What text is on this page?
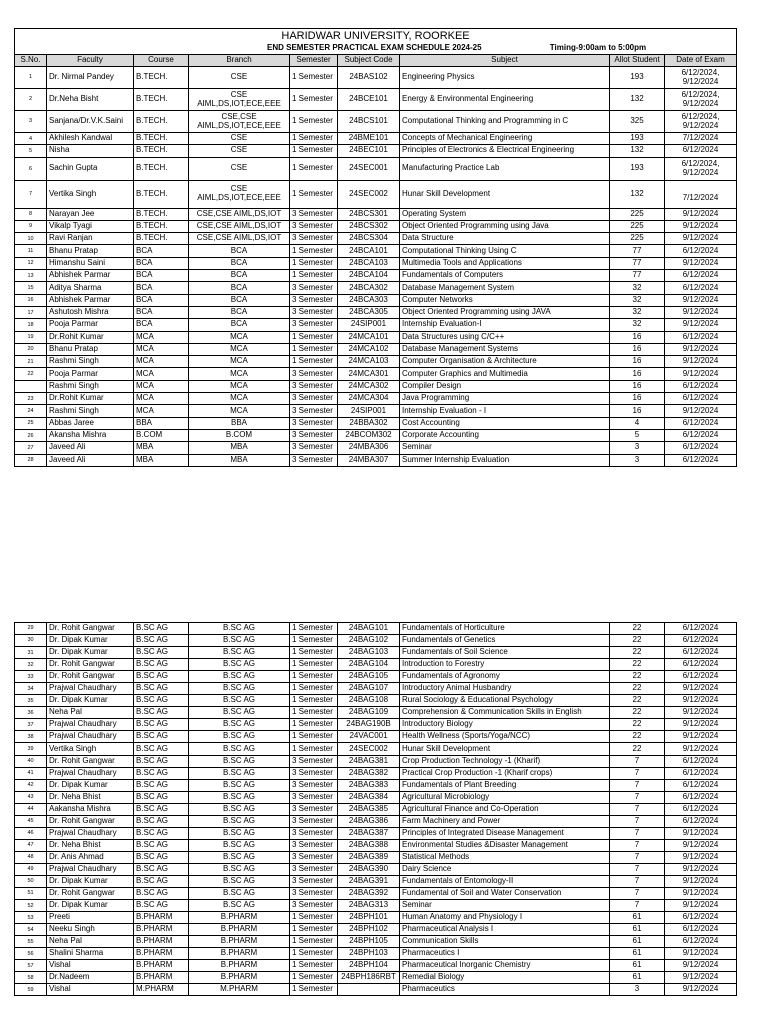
HARIDWAR UNIVERSITY, ROORKEE								
END SEMESTER PRACTICAL EXAM SCHEDULE 2024-25 Timing-9:00am to 5:00pm								
S.No.	Faculty	Course	Branch	Semester	Subject Code	Subject	Allot Student	Date of Exam
1	Dr. Nirmal Pandey	B.TECH.	CSE	1 Semester	24BAS102	Engineering Physics	193	6/12/2024,
9/12/2024
2	Dr.Neha Bisht	B.TECH.	CSE
AIML,DS,IOT,ECE,EEE	1 Semester	24BCE101	Energy & Environmental Engineering	132	6/12/2024,
9/12/2024
3	Sanjana/Dr.V.K.Saini	B.TECH.	CSE,CSE
AIML,DS,IOT,ECE,EEE	1 Semester	24BCS101	Computational Thinking and Programming in C	325	6/12/2024,
9/12/2024
4	Akhilesh Kandwal	B.TECH.	CSE	1 Semester	24BME101	Concepts of Mechanical Engineering	193	7/12/2024
5	Nisha	B.TECH.	CSE	1 Semester	24BEC101	Principles of Electronics & Electrical Engineering	132	6/12/2024
6	Sachin Gupta	B.TECH.	CSE	1 Semester	24SEC001	Manufacturing Practice Lab	193	6/12/2024,
9/12/2024
7	Vertika Singh	B.TECH.	CSE
AIML,DS,IOT,ECE,EEE	1 Semester	24SEC002	Hunar Skill Development	132	7/12/2024
8	Narayan Jee	B.TECH.	CSE,CSE AIML,DS,IOT	3 Semester	24BCS301	Operating System	225	9/12/2024
9	Vikalp Tyagi	B.TECH.	CSE,CSE AIML,DS,IOT	3 Semester	24BCS302	Object Oriented Programming using Java	225	9/12/2024
10	Ravi Ranjan	B.TECH.	CSE,CSE AIML,DS,IOT	3 Semester	24BCS304	Data Structure	225	9/12/2024
11	Bhanu Pratap	BCA	BCA	1 Semester	24BCA101	Computational Thinking Using C	77	6/12/2024
12	Himanshu Saini	BCA	BCA	1 Semester	24BCA103	Multimedia Tools and Applications	77	9/12/2024
13	Abhishek Parmar	BCA	BCA	1 Semester	24BCA104	Fundamentals of Computers	77	6/12/2024
15	Aditya Sharma	BCA	BCA	3 Semester	24BCA302	Database Management System	32	6/12/2024
16	Abhishek Parmar	BCA	BCA	3 Semester	24BCA303	Computer Networks	32	9/12/2024
17	Ashutosh Mishra	BCA	BCA	3 Semester	24BCA305	Object Oriented Programming using JAVA	32	9/12/2024
18	Pooja Parmar	BCA	BCA	3 Semester	24SIP001	Internship Evaluation-I	32	9/12/2024
19	Dr.Rohit Kumar	MCA	MCA	1 Semester	24MCA101	Data Structures using C/C++	16	6/12/2024
20	Bhanu Pratap	MCA	MCA	1 Semester	24MCA102	Database Management Systems	16	9/12/2024
21	Rashmi Singh	MCA	MCA	1 Semester	24MCA103	Computer Organisation & Architecture	16	9/12/2024
22	Pooja Parmar	MCA	MCA	3 Semester	24MCA301	Computer Graphics and Multimedia	16	9/12/2024
	Rashmi Singh	MCA	MCA	3 Semester	24MCA302	Compiler Design	16	6/12/2024
23	Dr.Rohit Kumar	MCA	MCA	3 Semester	24MCA304	Java Programming	16	6/12/2024
24	Rashmi Singh	MCA	MCA	3 Semester	24SIP001	Internship Evaluation - I	16	9/12/2024
25	Abbas Jaree	BBA	BBA	3 Semester	24BBA302	Cost Accounting	4	6/12/2024
26	Akansha Mishra	B.COM	B.COM	3 Semester	24BCOM302	Corporate Accounting	5	6/12/2024
27	Javeed Ali	MBA	MBA	3 Semester	24MBA306	Seminar	3	6/12/2024
28	Javeed Ali	MBA	MBA	3 Semester	24MBA307	Summer Internship Evaluation	3	6/12/2024
29	Dr. Rohit Gangwar	B.SC AG	B.SC AG	1 Semester	24BAG101	Fundamentals of Horticulture	22	6/12/2024
30	Dr. Dipak Kumar	B.SC AG	B.SC AG	1 Semester	24BAG102	Fundamentals of Genetics	22	6/12/2024
31	Dr. Dipak Kumar	B.SC AG	B.SC AG	1 Semester	24BAG103	Fundamentals of Soil Science	22	6/12/2024
32	Dr. Rohit Gangwar	B.SC AG	B.SC AG	1 Semester	24BAG104	Introduction to Forestry	22	6/12/2024
33	Dr. Rohit Gangwar	B.SC AG	B.SC AG	1 Semester	24BAG105	Fundamentals of Agronomy	22	6/12/2024
34	Prajwal Chaudhary	B.SC AG	B.SC AG	1 Semester	24BAG107	Introductory Animal Husbandry	22	9/12/2024
35	Dr. Dipak Kumar	B.SC AG	B.SC AG	1 Semester	24BAG108	Rural Sociology & Educational Psychology	22	9/12/2024
36	Neha Pal	B.SC AG	B.SC AG	1 Semester	24BAG109	Comprehension & Communication Skills in English	22	9/12/2024
37	Prajwal Chaudhary	B.SC AG	B.SC AG	1 Semester	24BAG190B	Introductory Biology	22	9/12/2024
38	Prajwal Chaudhary	B.SC AG	B.SC AG	1 Semester	24VAC001	Health Wellness (Sports/Yoga/NCC)	22	9/12/2024
39	Vertika Singh	B.SC AG	B.SC AG	1 Semester	24SEC002	Hunar Skill Development	22	9/12/2024
40	Dr. Rohit Gangwar	B.SC AG	B.SC AG	3 Semester	24BAG381	Crop Production Technology -1 (Kharif)	7	6/12/2024
41	Prajwal Chaudhary	B.SC AG	B.SC AG	3 Semester	24BAG382	Practical Crop Production -1 (Kharif crops)	7	6/12/2024
42	Dr. Dipak Kumar	B.SC AG	B.SC AG	3 Semester	24BAG383	Fundamentals of Plant Breeding	7	6/12/2024
43	Dr. Neha Bhist	B.SC AG	B.SC AG	3 Semester	24BAG384	Agricultural Microbiology	7	6/12/2024
44	Aakansha Mishra	B.SC AG	B.SC AG	3 Semester	24BAG385	Agricultural Finance and Co-Operation	7	6/12/2024
45	Dr. Rohit Gangwar	B.SC AG	B.SC AG	3 Semester	24BAG386	Farm Machinery and Power	7	6/12/2024
46	Prajwal Chaudhary	B.SC AG	B.SC AG	3 Semester	24BAG387	Principles of Integrated Disease Management	7	9/12/2024
47	Dr. Neha Bhist	B.SC AG	B.SC AG	3 Semester	24BAG388	Environmental Studies &Disaster Management	7	9/12/2024
48	Dr. Anis Ahmad	B.SC AG	B.SC AG	3 Semester	24BAG389	Statistical Methods	7	9/12/2024
49	Prajwal Chaudhary	B.SC AG	B.SC AG	3 Semester	24BAG390	Dairy Science	7	9/12/2024
50	Dr. Dipak Kumar	B.SC AG	B.SC AG	3 Semester	24BAG391	Fundamentals of Entomology-II	7	9/12/2024
51	Dr. Rohit Gangwar	B.SC AG	B.SC AG	3 Semester	24BAG392	Fundamental of Soil and Water Conservation	7	9/12/2024
52	Dr. Dipak Kumar	B.SC AG	B.SC AG	3 Semester	24BAG313	Seminar	7	9/12/2024
53	Preeti	B.PHARM	B.PHARM	1 Semester	24BPH101	Human Anatomy and Physiology I	61	6/12/2024
54	Neeku Singh	B.PHARM	B.PHARM	1 Semester	24BPH102	Pharmaceutical Analysis I	61	6/12/2024
55	Neha Pal	B.PHARM	B.PHARM	1 Semester	24BPH105	Communication Skills	61	6/12/2024
56	Shalini Sharma	B.PHARM	B.PHARM	1 Semester	24BPH103	Pharmaceutics I	61	9/12/2024
57	Vishal	B.PHARM	B.PHARM	1 Semester	24BPH104	Pharmaceutical Inorganic Chemistry	61	9/12/2024
58	Dr.Nadeem	B.PHARM	B.PHARM	1 Semester	24BPH186RBT	Remedial Biology	61	9/12/2024
59	Vishal	M.PHARM	M.PHARM	1 Semester		Pharmaceutics	3	9/12/2024
